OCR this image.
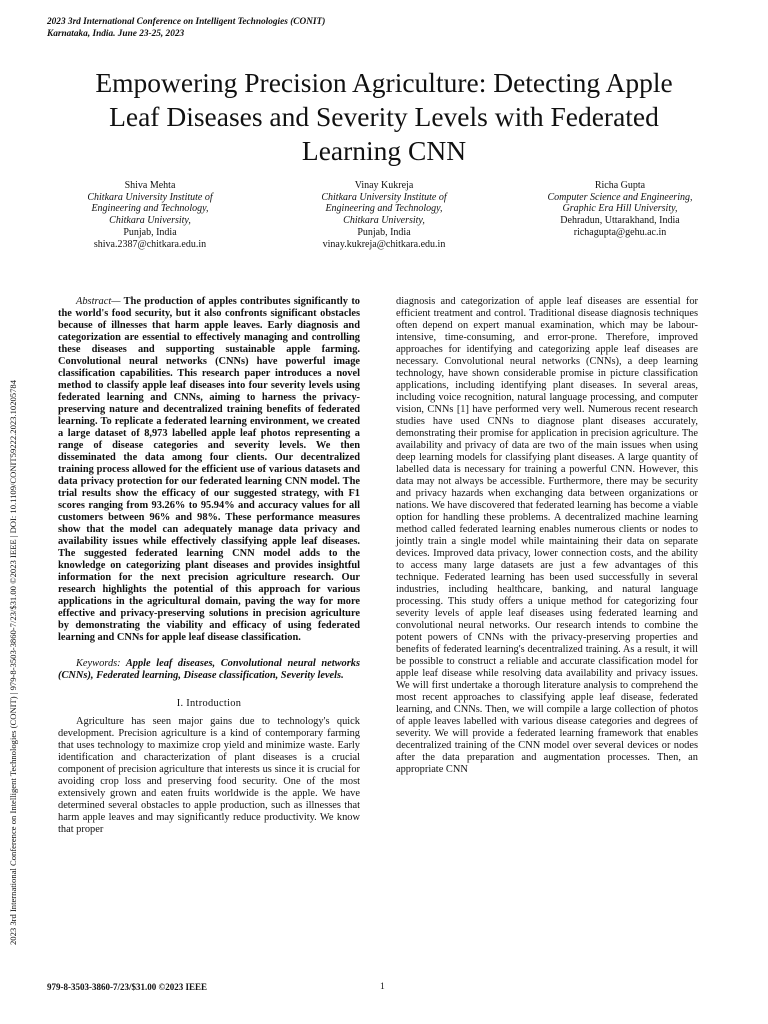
2023 3rd International Conference on Intelligent Technologies (CONIT)
Karnataka, India. June 23-25, 2023
2023 3rd International Conference on Intelligent Technologies (CONIT) | 979-8-3503-3860-7/23/$31.00 ©2023 IEEE | DOI: 10.1109/CONIT59222.2023.10205784
Empowering Precision Agriculture: Detecting Apple Leaf Diseases and Severity Levels with Federated Learning CNN
Shiva Mehta
Chitkara University Institute of
Engineering and Technology,
Chitkara University,
Punjab, India
shiva.2387@chitkara.edu.in
Vinay Kukreja
Chitkara University Institute of
Engineering and Technology,
Chitkara University,
Punjab, India
vinay.kukreja@chitkara.edu.in
Richa Gupta
Computer Science and Engineering,
Graphic Era Hill University,
Dehradun, Uttarakhand, India
richagupta@gehu.ac.in

Abstract— The production of apples contributes significantly to the world's food security, but it also confronts significant obstacles because of illnesses that harm apple leaves. Early diagnosis and categorization are essential to effectively managing and controlling these diseases and supporting sustainable apple farming. Convolutional neural networks (CNNs) have powerful image classification capabilities. This research paper introduces a novel method to classify apple leaf diseases into four severity levels using federated learning and CNNs, aiming to harness the privacy-preserving nature and decentralized training benefits of federated learning. To replicate a federated learning environment, we created a large dataset of 8,973 labelled apple leaf photos representing a range of disease categories and severity levels. We then disseminated the data among four clients. Our decentralized training process allowed for the efficient use of various datasets and data privacy protection for our federated learning CNN model. The trial results show the efficacy of our suggested strategy, with F1 scores ranging from 93.26% to 95.94% and accuracy values for all customers between 96% and 98%. These performance measures show that the model can adequately manage data privacy and availability issues while effectively classifying apple leaf diseases. The suggested federated learning CNN model adds to the knowledge on categorizing plant diseases and provides insightful information for the next precision agriculture research. Our research highlights the potential of this approach for various applications in the agricultural domain, paving the way for more effective and privacy-preserving solutions in precision agriculture by demonstrating the viability and efficacy of using federated learning and CNNs for apple leaf disease classification.

Keywords: Apple leaf diseases, Convolutional neural networks (CNNs), Federated learning, Disease classification, Severity levels.

I. Introduction

Agriculture has seen major gains due to technology's quick development. Precision agriculture is a kind of contemporary farming that uses technology to maximize crop yield and minimize waste. Early identification and characterization of plant diseases is a crucial component of precision agriculture that interests us since it is crucial for avoiding crop loss and preserving food security. One of the most extensively grown and eaten fruits worldwide is the apple. We have determined several obstacles to apple production, such as illnesses that harm apple leaves and may significantly reduce productivity. We know that proper

diagnosis and categorization of apple leaf diseases are essential for efficient treatment and control. Traditional disease diagnosis techniques often depend on expert manual examination, which may be labour-intensive, time-consuming, and error-prone. Therefore, improved approaches for identifying and categorizing apple leaf diseases are necessary. Convolutional neural networks (CNNs), a deep learning technology, have shown considerable promise in picture classification applications, including identifying plant diseases. In several areas, including voice recognition, natural language processing, and computer vision, CNNs [1] have performed very well. Numerous recent research studies have used CNNs to diagnose plant diseases accurately, demonstrating their promise for application in precision agriculture. The availability and privacy of data are two of the main issues when using deep learning models for classifying plant diseases. A large quantity of labelled data is necessary for training a powerful CNN. However, this data may not always be accessible. Furthermore, there may be security and privacy hazards when exchanging data between organizations or nations. We have discovered that federated learning has become a viable option for handling these problems. A decentralized machine learning method called federated learning enables numerous clients or nodes to jointly train a single model while maintaining their data on separate devices. Improved data privacy, lower connection costs, and the ability to access many large datasets are just a few advantages of this technique. Federated learning has been used successfully in several industries, including healthcare, banking, and natural language processing. This study offers a unique method for categorizing four severity levels of apple leaf diseases using federated learning and convolutional neural networks. Our research intends to combine the potent powers of CNNs with the privacy-preserving properties and benefits of federated learning's decentralized training. As a result, it will be possible to construct a reliable and accurate classification model for apple leaf disease while resolving data availability and privacy issues. We will first undertake a thorough literature analysis to comprehend the most recent approaches to classifying apple leaf disease, federated learning, and CNNs. Then, we will compile a large collection of photos of apple leaves labelled with various disease categories and degrees of severity. We will provide a federated learning framework that enables decentralized training of the CNN model over several devices or nodes after the data preparation and augmentation processes. Then, an appropriate CNN

979-8-3503-3860-7/23/$31.00 ©2023 IEEE	1
